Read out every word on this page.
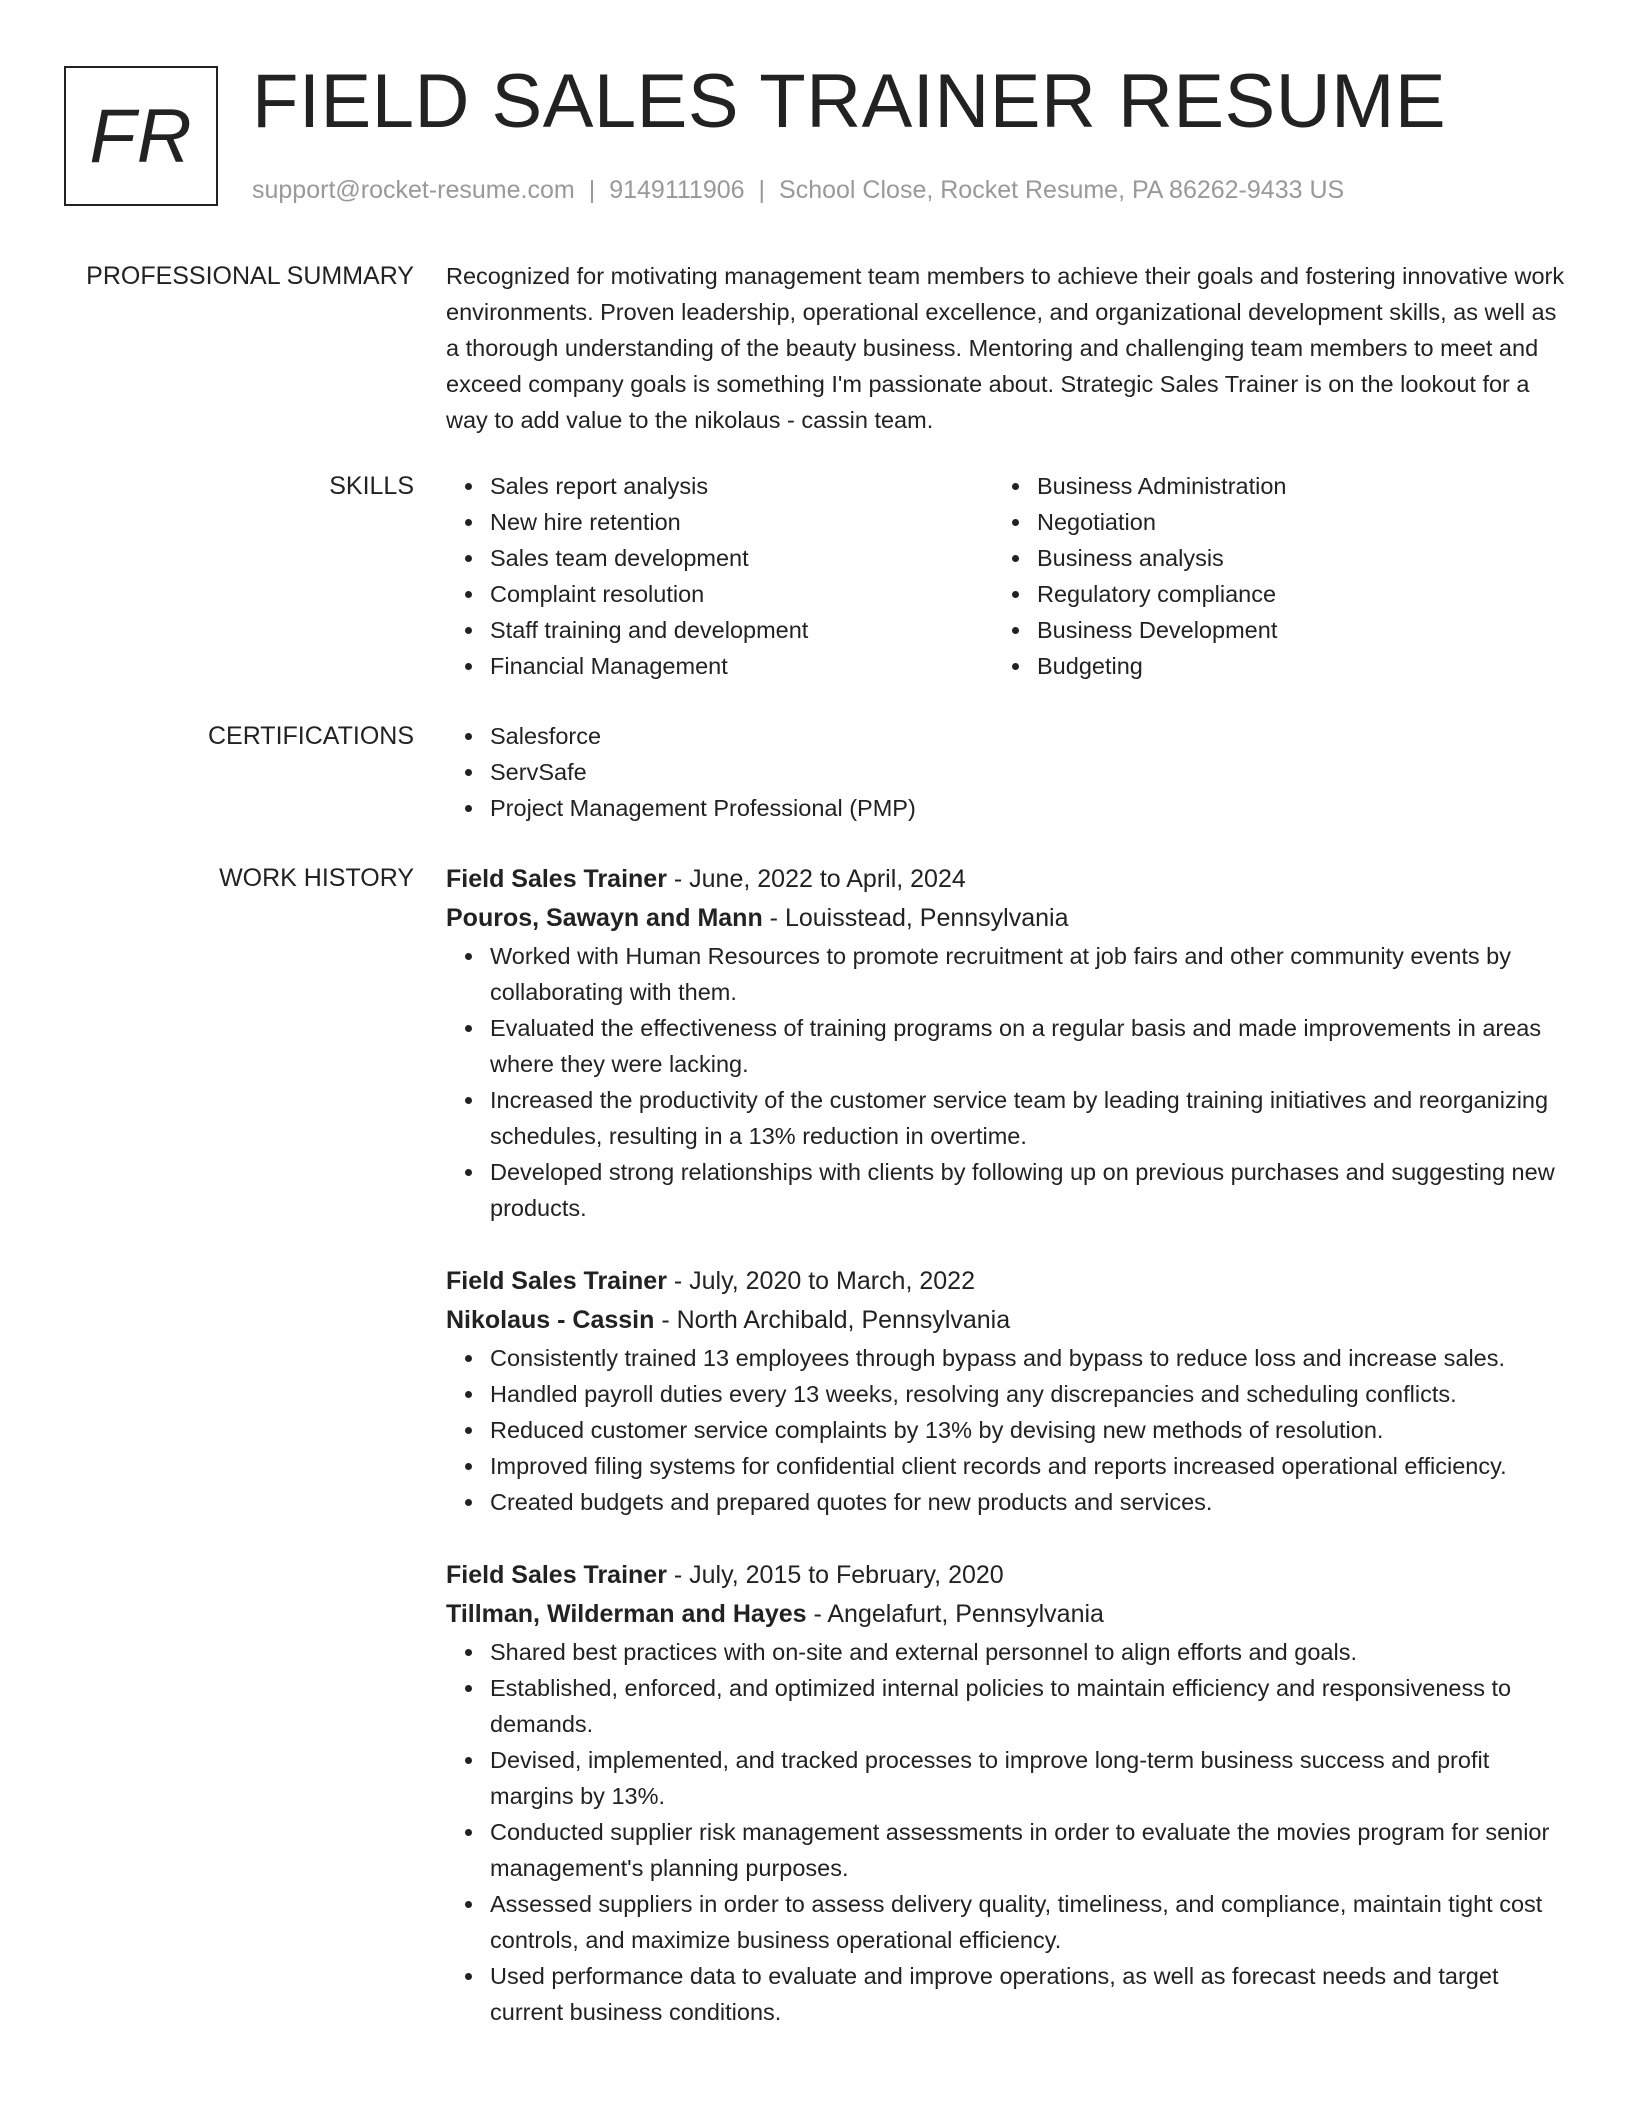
FR FIELD SALES TRAINER RESUME
support@rocket-resume.com | 9149111906 | School Close, Rocket Resume, PA 86262-9433 US
PROFESSIONAL SUMMARY Recognized for motivating management team members to achieve their goals and fostering innovative work environments. Proven leadership, operational excellence, and organizational development skills, as well as a thorough understanding of the beauty business. Mentoring and challenging team members to meet and exceed company goals is something I'm passionate about. Strategic Sales Trainer is on the lookout for a way to add value to the nikolaus - cassin team.

SKILLS	Sales report analysis
New hire retention
Sales team development
Complaint resolution
Staff training and development
Financial Management
Business Administration
Negotiation
Business analysis
Regulatory compliance
Business Development
Budgeting
CERTIFICATIONS	Salesforce
ServSafe
Project Management Professional (PMP)
WORK HISTORY Field Sales Trainer - June, 2022 to April, 2024
Pouros, Sawayn and Mann - Louisstead, Pennsylvania
Worked with Human Resources to promote recruitment at job fairs and other community events by collaborating with them.
Evaluated the effectiveness of training programs on a regular basis and made improvements in areas where they were lacking.
Increased the productivity of the customer service team by leading training initiatives and reorganizing schedules, resulting in a 13% reduction in overtime.
Developed strong relationships with clients by following up on previous purchases and suggesting new products.
Field Sales Trainer - July, 2020 to March, 2022
Nikolaus - Cassin - North Archibald, Pennsylvania
Consistently trained 13 employees through bypass and bypass to reduce loss and increase sales.
Handled payroll duties every 13 weeks, resolving any discrepancies and scheduling conflicts.
Reduced customer service complaints by 13% by devising new methods of resolution.
Improved filing systems for confidential client records and reports increased operational efficiency.
Created budgets and prepared quotes for new products and services.
Field Sales Trainer - July, 2015 to February, 2020
Tillman, Wilderman and Hayes - Angelafurt, Pennsylvania
Shared best practices with on-site and external personnel to align efforts and goals.
Established, enforced, and optimized internal policies to maintain efficiency and responsiveness to demands.
Devised, implemented, and tracked processes to improve long-term business success and profit margins by 13%.
Conducted supplier risk management assessments in order to evaluate the movies program for senior management's planning purposes.
Assessed suppliers in order to assess delivery quality, timeliness, and compliance, maintain tight cost controls, and maximize business operational efficiency.
Used performance data to evaluate and improve operations, as well as forecast needs and target current business conditions.
